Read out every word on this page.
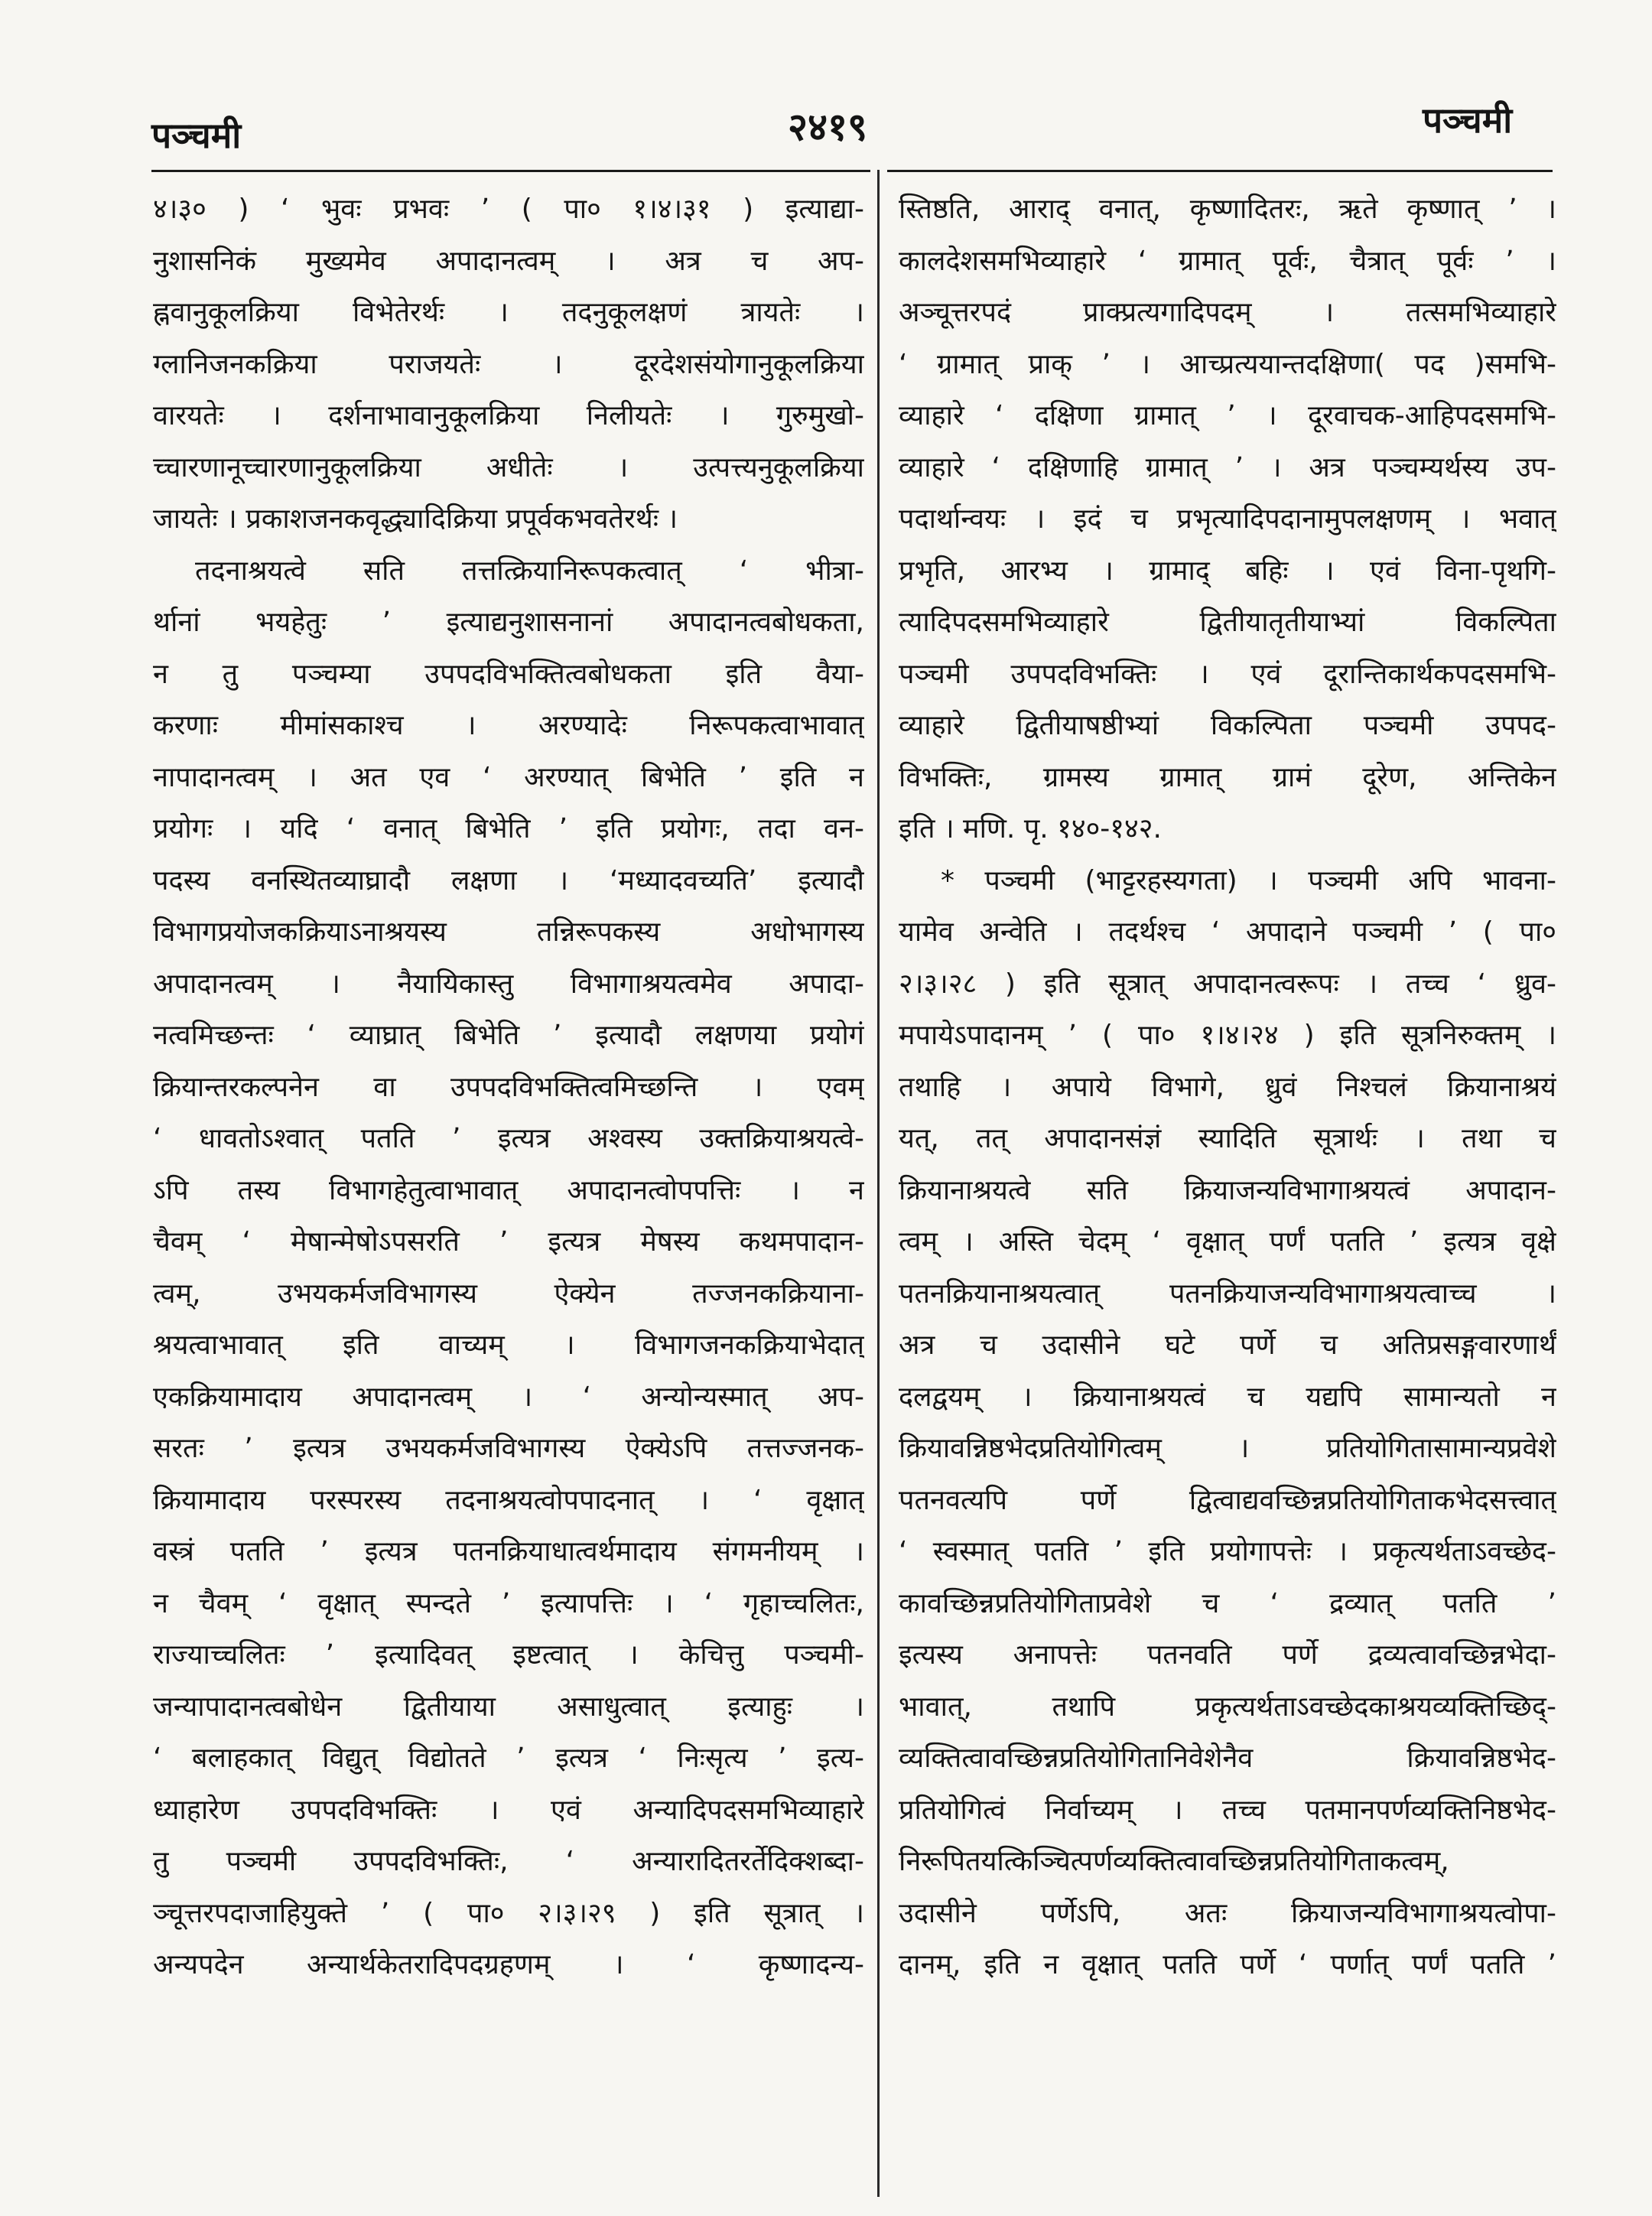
पञ्चमी	२४१९	पञ्चमी
४।३० ) ‘ भुवः प्रभवः ’ ( पा० १।४।३१ ) इत्याद्या-
नुशासनिकं मुख्यमेव अपादानत्वम् । अत्र च अप-
ह्नवानुकूलक्रिया विभेतेरर्थः । तदनुकूलक्षणं त्रायतेः ।
ग्लानिजनकक्रिया पराजयतेः । दूरदेशसंयोगानुकूलक्रिया
वारयतेः । दर्शनाभावानुकूलक्रिया निलीयतेः । गुरुमुखो-
च्चारणानूच्चारणानुकूलक्रिया अधीतेः । उत्पत्त्यनुकूलक्रिया
जायतेः । प्रकाशजनकवृद्ध्यादिक्रिया प्रपूर्वकभवतेरर्थः ।
तदनाश्रयत्वे सति तत्तत्क्रियानिरूपकत्वात् ‘ भीत्रा-
र्थानां भयहेतुः ’ इत्याद्यनुशासनानां अपादानत्वबोधकता,
न तु पञ्चम्या उपपदविभक्तित्वबोधकता इति वैया-
करणाः मीमांसकाश्च । अरण्यादेः निरूपकत्वाभावात्
नापादानत्वम् । अत एव ‘ अरण्यात् बिभेति ’ इति न
प्रयोगः । यदि ‘ वनात् बिभेति ’ इति प्रयोगः, तदा वन-
पदस्य वनस्थितव्याघ्रादौ लक्षणा । ‘मध्यादवच्यति’ इत्यादौ
विभागप्रयोजकक्रियाऽनाश्रयस्य तन्निरूपकस्य अधोभागस्य
अपादानत्वम् । नैयायिकास्तु विभागाश्रयत्वमेव अपादा-
नत्वमिच्छन्तः ‘ व्याघ्रात् बिभेति ’ इत्यादौ लक्षणया प्रयोगं
क्रियान्तरकल्पनेन वा उपपदविभक्तित्वमिच्छन्ति । एवम्
‘ धावतोऽश्वात् पतति ’ इत्यत्र अश्वस्य उक्तक्रियाश्रयत्वे-
ऽपि तस्य विभागहेतुत्वाभावात् अपादानत्वोपपत्तिः । न
चैवम् ‘ मेषान्मेषोऽपसरति ’ इत्यत्र मेषस्य कथमपादान-
त्वम्, उभयकर्मजविभागस्य ऐक्येन तज्जनकक्रियाना-
श्रयत्वाभावात् इति वाच्यम् । विभागजनकक्रियाभेदात्
एकक्रियामादाय अपादानत्वम् । ‘ अन्योन्यस्मात् अप-
सरतः ’ इत्यत्र उभयकर्मजविभागस्य ऐक्येऽपि तत्तज्जनक-
क्रियामादाय परस्परस्य तदनाश्रयत्वोपपादनात् । ‘ वृक्षात्
वस्त्रं पतति ’ इत्यत्र पतनक्रियाधात्वर्थमादाय संगमनीयम् ।
न चैवम् ‘ वृक्षात् स्पन्दते ’ इत्यापत्तिः । ‘ गृहाच्चलितः,
राज्याच्चलितः ’ इत्यादिवत् इष्टत्वात् । केचित्तु पञ्चमी-
जन्यापादानत्वबोधेन द्वितीयाया असाधुत्वात् इत्याहुः ।
‘ बलाहकात् विद्युत् विद्योतते ’ इत्यत्र ‘ निःसृत्य ’ इत्य-
ध्याहारेण उपपदविभक्तिः । एवं अन्यादिपदसमभिव्याहारे
तु पञ्चमी उपपदविभक्तिः, ‘ अन्यारादितरर्तेदिक्शब्दा-
ञ्चूत्तरपदाजाहियुक्ते ’ ( पा० २।३।२९ ) इति सूत्रात् ।
अन्यपदेन अन्यार्थकेतरादिपदग्रहणम् । ‘ कृष्णादन्य-
स्तिष्ठति, आराद् वनात्, कृष्णादितरः, ऋते कृष्णात् ’ ।
कालदेशसमभिव्याहारे ‘ ग्रामात् पूर्वः, चैत्रात् पूर्वः ’ ।
अञ्चूत्तरपदं प्राक्प्रत्यगादिपदम् । तत्समभिव्याहारे
‘ ग्रामात् प्राक् ’ । आच्प्रत्ययान्तदक्षिणा( पद )समभि-
व्याहारे ‘ दक्षिणा ग्रामात् ’ । दूरवाचक-आहिपदसमभि-
व्याहारे ‘ दक्षिणाहि ग्रामात् ’ । अत्र पञ्चम्यर्थस्य उप-
पदार्थान्वयः । इदं च प्रभृत्यादिपदानामुपलक्षणम् । भवात्
प्रभृति, आरभ्य । ग्रामाद् बहिः । एवं विना-पृथगि-
त्यादिपदसमभिव्याहारे द्वितीयातृतीयाभ्यां विकल्पिता
पञ्चमी उपपदविभक्तिः । एवं दूरान्तिकार्थकपदसमभि-
व्याहारे द्वितीयाषष्ठीभ्यां विकल्पिता पञ्चमी उपपद-
विभक्तिः, ग्रामस्य ग्रामात् ग्रामं दूरेण, अन्तिकेन
इति । मणि. पृ. १४०-१४२.
* पञ्चमी (भाट्टरहस्यगता) । पञ्चमी अपि भावना-
यामेव अन्वेति । तदर्थश्च ‘ अपादाने पञ्चमी ’ ( पा०
२।३।२८ ) इति सूत्रात् अपादानत्वरूपः । तच्च ‘ ध्रुव-
मपायेऽपादानम् ’ ( पा० १।४।२४ ) इति सूत्रनिरुक्तम् ।
तथाहि । अपाये विभागे, ध्रुवं निश्चलं क्रियानाश्रयं
यत्, तत् अपादानसंज्ञं स्यादिति सूत्रार्थः । तथा च
क्रियानाश्रयत्वे सति क्रियाजन्यविभागाश्रयत्वं अपादान-
त्वम् । अस्ति चेदम् ‘ वृक्षात् पर्णं पतति ’ इत्यत्र वृक्षे
पतनक्रियानाश्रयत्वात् पतनक्रियाजन्यविभागाश्रयत्वाच्च ।
अत्र च उदासीने घटे पर्णे च अतिप्रसङ्गवारणार्थं
दलद्वयम् । क्रियानाश्रयत्वं च यद्यपि सामान्यतो न
क्रियावन्निष्ठभेदप्रतियोगित्वम् । प्रतियोगितासामान्यप्रवेशे
पतनवत्यपि पर्णे द्वित्वाद्यवच्छिन्नप्रतियोगिताकभेदसत्त्वात्
‘ स्वस्मात् पतति ’ इति प्रयोगापत्तेः । प्रकृत्यर्थताऽवच्छेद-
कावच्छिन्नप्रतियोगिताप्रवेशे च ‘ द्रव्यात् पतति ’
इत्यस्य अनापत्तेः पतनवति पर्णे द्रव्यत्वावच्छिन्नभेदा-
भावात्, तथापि प्रकृत्यर्थताऽवच्छेदकाश्रयव्यक्तिच्छिद्-
व्यक्तित्वावच्छिन्नप्रतियोगितानिवेशेनैव क्रियावन्निष्ठभेद-
प्रतियोगित्वं निर्वाच्यम् । तच्च पतमानपर्णव्यक्तिनिष्ठभेद-
निरूपितयत्किञ्चित्पर्णव्यक्तित्वावच्छिन्नप्रतियोगिताकत्वम्,
उदासीने पर्णेऽपि, अतः क्रियाजन्यविभागाश्रयत्वोपा-
दानम्, इति न वृक्षात् पतति पर्णे ‘ पर्णात् पर्णं पतति ’
